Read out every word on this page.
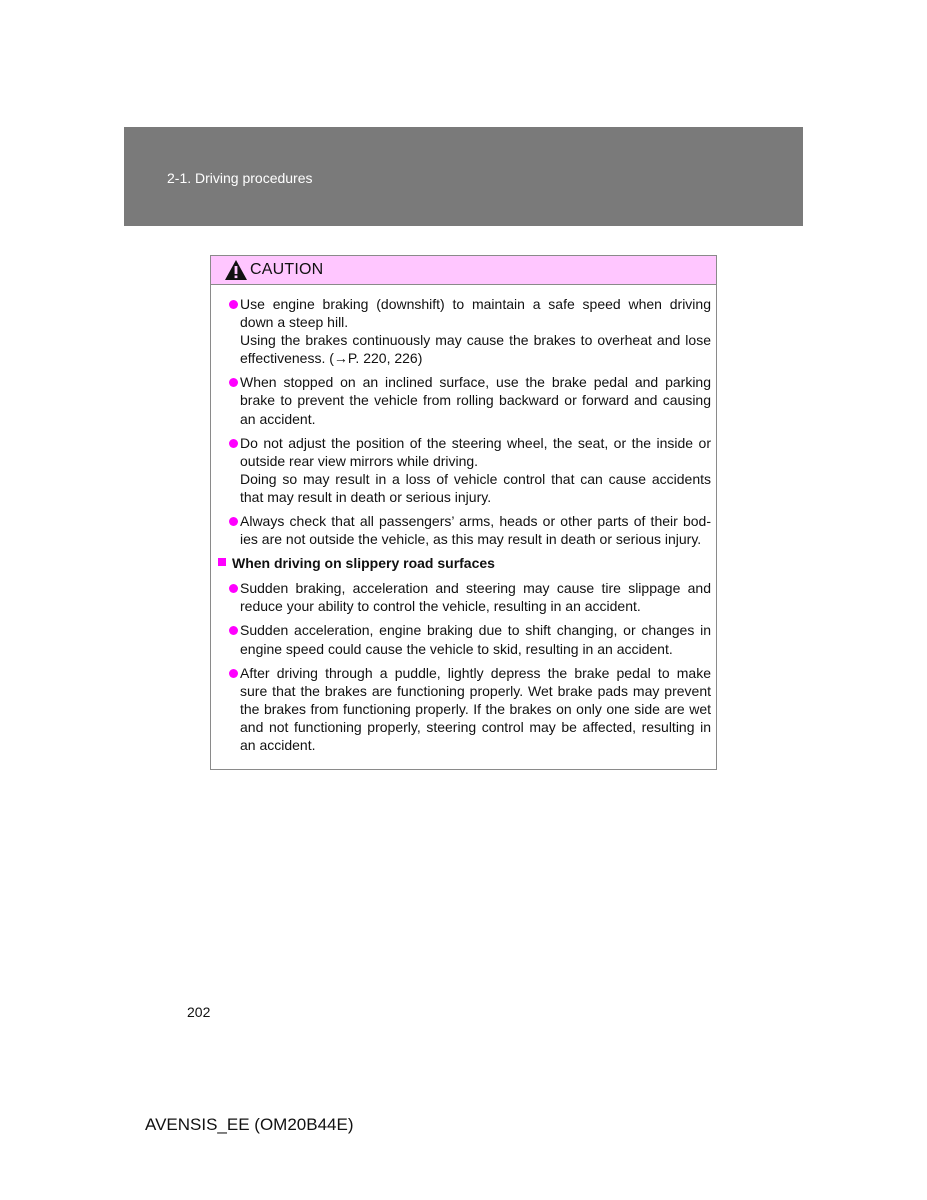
2-1. Driving procedures
CAUTION
Use engine braking (downshift) to maintain a safe speed when driving
down a steep hill.
Using the brakes continuously may cause the brakes to overheat and lose
effectiveness. (→P. 220, 226)
When stopped on an inclined surface, use the brake pedal and parking
brake to prevent the vehicle from rolling backward or forward and causing
an accident.
Do not adjust the position of the steering wheel, the seat, or the inside or
outside rear view mirrors while driving.
Doing so may result in a loss of vehicle control that can cause accidents
that may result in death or serious injury.
Always check that all passengers’ arms, heads or other parts of their bod-
ies are not outside the vehicle, as this may result in death or serious injury.
When driving on slippery road surfaces
Sudden braking, acceleration and steering may cause tire slippage and
reduce your ability to control the vehicle, resulting in an accident.
Sudden acceleration, engine braking due to shift changing, or changes in
engine speed could cause the vehicle to skid, resulting in an accident.
After driving through a puddle, lightly depress the brake pedal to make
sure that the brakes are functioning properly. Wet brake pads may prevent
the brakes from functioning properly. If the brakes on only one side are wet
and not functioning properly, steering control may be affected, resulting in
an accident.
202
AVENSIS_EE (OM20B44E)
